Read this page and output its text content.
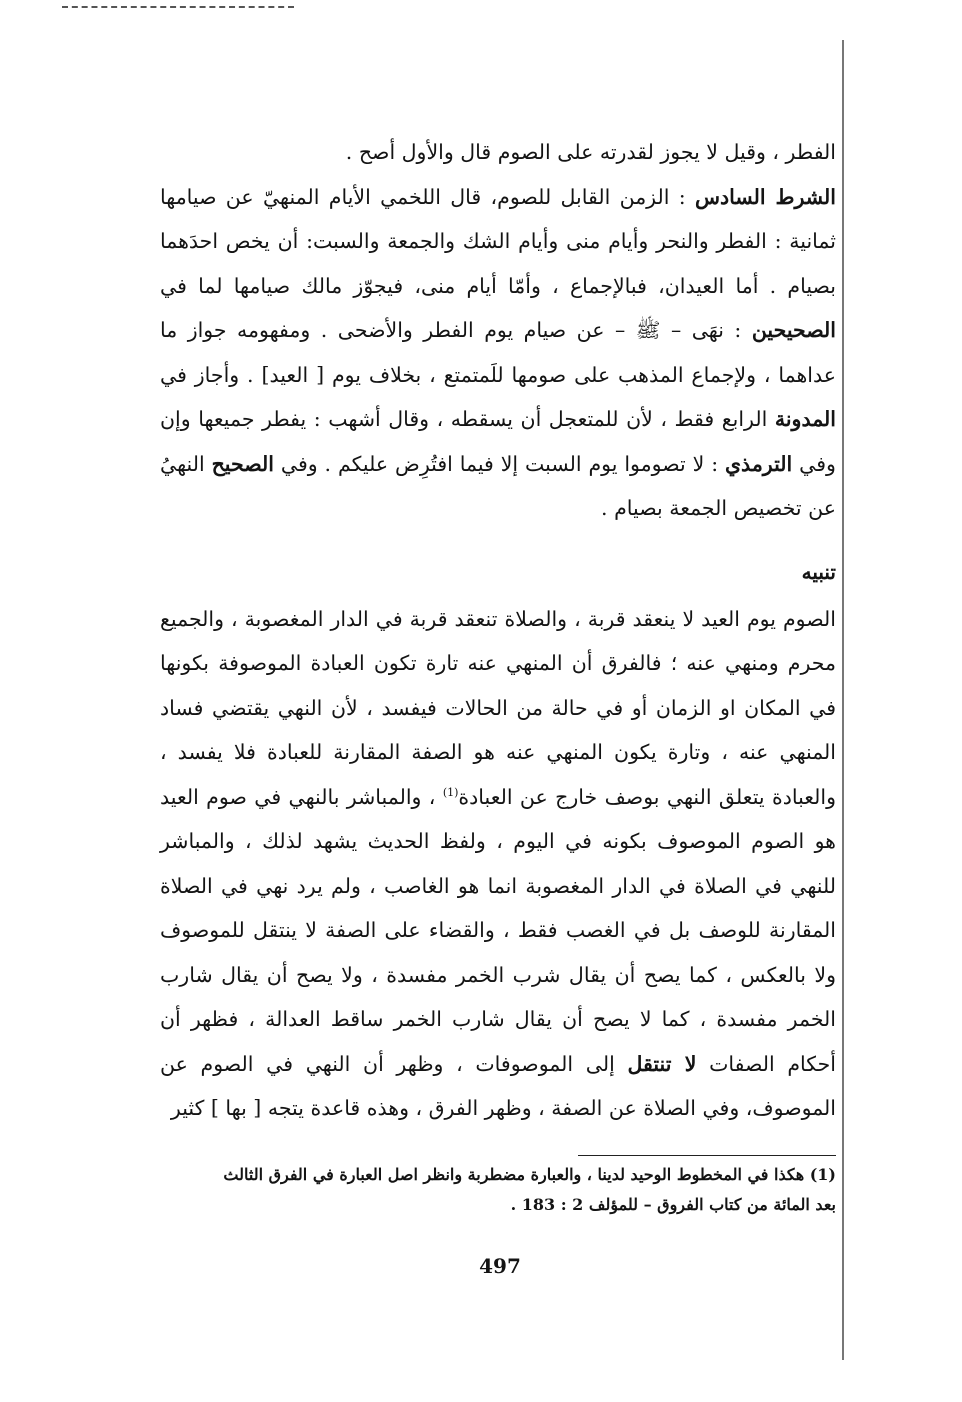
الفطر ، وقيل لا يجوز لقدرته على الصوم قال والأول أصح .

الشرط السادس : الزمن القابل للصوم، قال اللخمي الأيام المنهيّ عن صيامها ثمانية : الفطر والنحر وأيام منى وأيام الشك والجمعة والسبت: أن يخص احدَهما بصيام . أما العيدان، فبالإجماع ، وأمّا أيام منى، فيجوّز مالك صيامها لما في الصحيحين : نهَى – ﷺ – عن صيام يوم الفطر والأضحى . ومفهومه جواز ما عداهما ، ولإجماع المذهب على صومها للَمتمتع ، بخلاف يوم [ العيد] . وأجاز في المدونة الرابع فقط ، لأن للمتعجل أن يسقطه ، وقال أشهب : يفطر جميعها وإن وفي الترمذي : لا تصوموا يوم السبت إلا فيما افتُرِض عليكم . وفي الصحيح النهيُ عن تخصيص الجمعة بصيام .

تنبيه

الصوم يوم العيد لا ينعقد قربة ، والصلاة تنعقد قربة في الدار المغصوبة ، والجميع محرم ومنهي عنه ؛ فالفرق أن المنهي عنه تارة تكون العبادة الموصوفة بكونها في المكان او الزمان أو في حالة من الحالات فيفسد ، لأن النهي يقتضي فساد المنهي عنه ، وتارة يكون المنهي عنه هو الصفة المقارنة للعبادة فلا يفسد ، والعبادة يتعلق النهي بوصف خارج عن العبادة$^{(1)}$ ، والمباشر بالنهي في صوم العيد هو الصوم الموصوف بكونه في اليوم ، ولفظ الحديث يشهد لذلك ، والمباشر للنهي في الصلاة في الدار المغصوبة انما هو الغاصب ، ولم يرد نهي في الصلاة المقارنة للوصف بل في الغصب فقط ، والقضاء على الصفة لا ينتقل للموصوف ولا بالعكس ، كما يصح أن يقال شرب الخمر مفسدة ، ولا يصح أن يقال شارب الخمر مفسدة ، كما لا يصح أن يقال شارب الخمر ساقط العدالة ، فظهر أن أحكام الصفات لا تنتقل إلى الموصوفات ، وظهر أن النهي في الصوم عن الموصوف، وفي الصلاة عن الصفة ، وظهر الفرق ، وهذه قاعدة يتجه [ بها ] كثير

(1) هكذا في المخطوط الوحيد لدينا ، والعبارة مضطربة وانظر اصل العبارة في الفرق الثالث

بعد المائة من كتاب الفروق – للمؤلف 2 : 183 .

497
